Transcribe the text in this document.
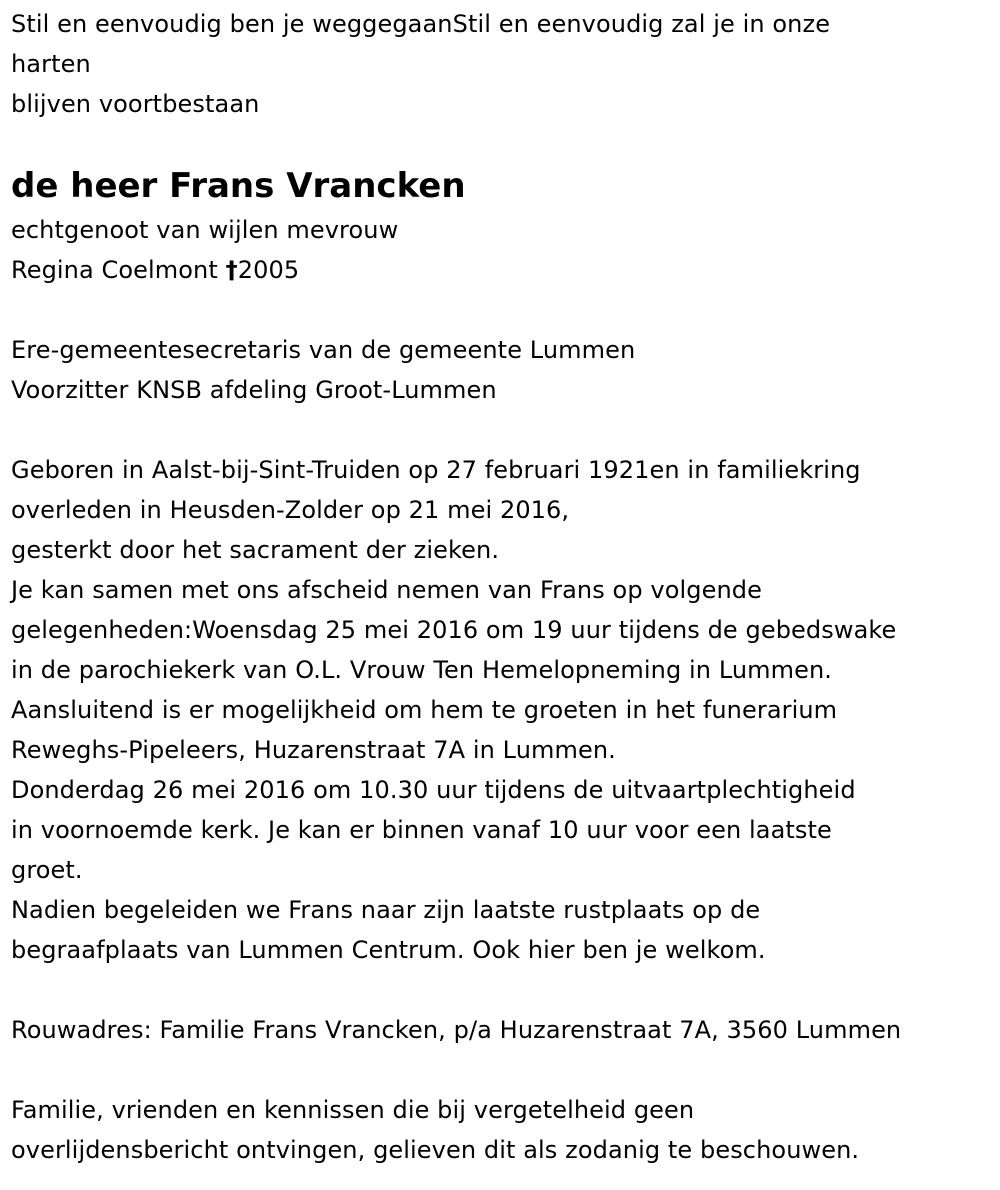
Stil en eenvoudig ben je weggegaanStil en eenvoudig zal je in onze
harten
blijven voortbestaan
de heer Frans Vrancken
echtgenoot van wijlen mevrouw
Regina Coelmont †2005
Ere-gemeentesecretaris van de gemeente Lummen
Voorzitter KNSB afdeling Groot-Lummen
Geboren in Aalst-bij-Sint-Truiden op 27 februari 1921en in familiekring
overleden in Heusden-Zolder op 21 mei 2016,
gesterkt door het sacrament der zieken.
Je kan samen met ons afscheid nemen van Frans op volgende
gelegenheden:Woensdag 25 mei 2016 om 19 uur tijdens de gebedswake
in de parochiekerk van O.L. Vrouw Ten Hemelopneming in Lummen.
Aansluitend is er mogelijkheid om hem te groeten in het funerarium
Reweghs-Pipeleers, Huzarenstraat 7A in Lummen.
Donderdag 26 mei 2016 om 10.30 uur tijdens de uitvaartplechtigheid
in voornoemde kerk. Je kan er binnen vanaf 10 uur voor een laatste
groet.
Nadien begeleiden we Frans naar zijn laatste rustplaats op de
begraafplaats van Lummen Centrum. Ook hier ben je welkom.
Rouwadres: Familie Frans Vrancken, p/a Huzarenstraat 7A, 3560 Lummen
Familie, vrienden en kennissen die bij vergetelheid geen
overlijdensbericht ontvingen, gelieven dit als zodanig te beschouwen.
